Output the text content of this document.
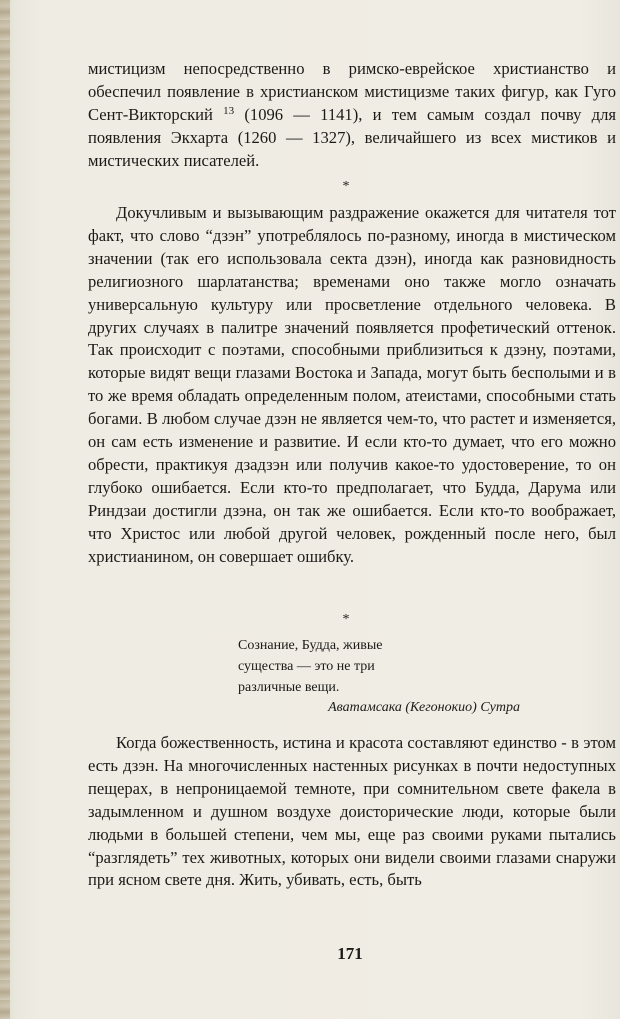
мистицизм непосредственно в римско-еврейское христианство и обеспечил появление в христианском мистицизме таких фигур, как Гуго Сент-Викторский $^{13}$ (1096 — 1141), и тем самым создал почву для появления Экхарта (1260 — 1327), величайшего из всех мистиков и мистических писателей.

*

Докучливым и вызывающим раздражение окажется для читателя тот факт, что слово “дзэн” употреблялось по-разному, иногда в мистическом значении (так его использовала секта дзэн), иногда как разновидность религиозного шарлатанства; временами оно также могло означать универсальную культуру или просветление отдельного человека. В других случаях в палитре значений появляется профетический оттенок. Так происходит с поэтами, способными приблизиться к дзэну, поэтами, которые видят вещи глазами Востока и Запада, могут быть бесполыми и в то же время обладать определенным полом, атеистами, способными стать богами. В любом случае дзэн не является чем-то, что растет и изменяется, он сам есть изменение и развитие. И если кто-то думает, что его можно обрести, практикуя дзадзэн или получив какое-то удостоверение, то он глубоко ошибается. Если кто-то предполагает, что Будда, Дарума или Риндзаи достигли дзэна, он так же ошибается. Если кто-то воображает, что Христос или любой другой человек, рожденный после него, был христианином, он совершает ошибку.

*
Сознание, Будда, живые
существа — это не три
различные вещи.
Аватамсака (Кегонокио) Сутра

Когда божественность, истина и красота составляют единство - в этом есть дзэн. На многочисленных настенных рисунках в почти недоступных пещерах, в непроницаемой темноте, при сомнительном свете факела в задымленном и душном воздухе доисторические люди, которые были людьми в большей степени, чем мы, еще раз своими руками пытались “разглядеть” тех животных, которых они видели своими глазами снаружи при ясном свете дня. Жить, убивать, есть, быть

171
